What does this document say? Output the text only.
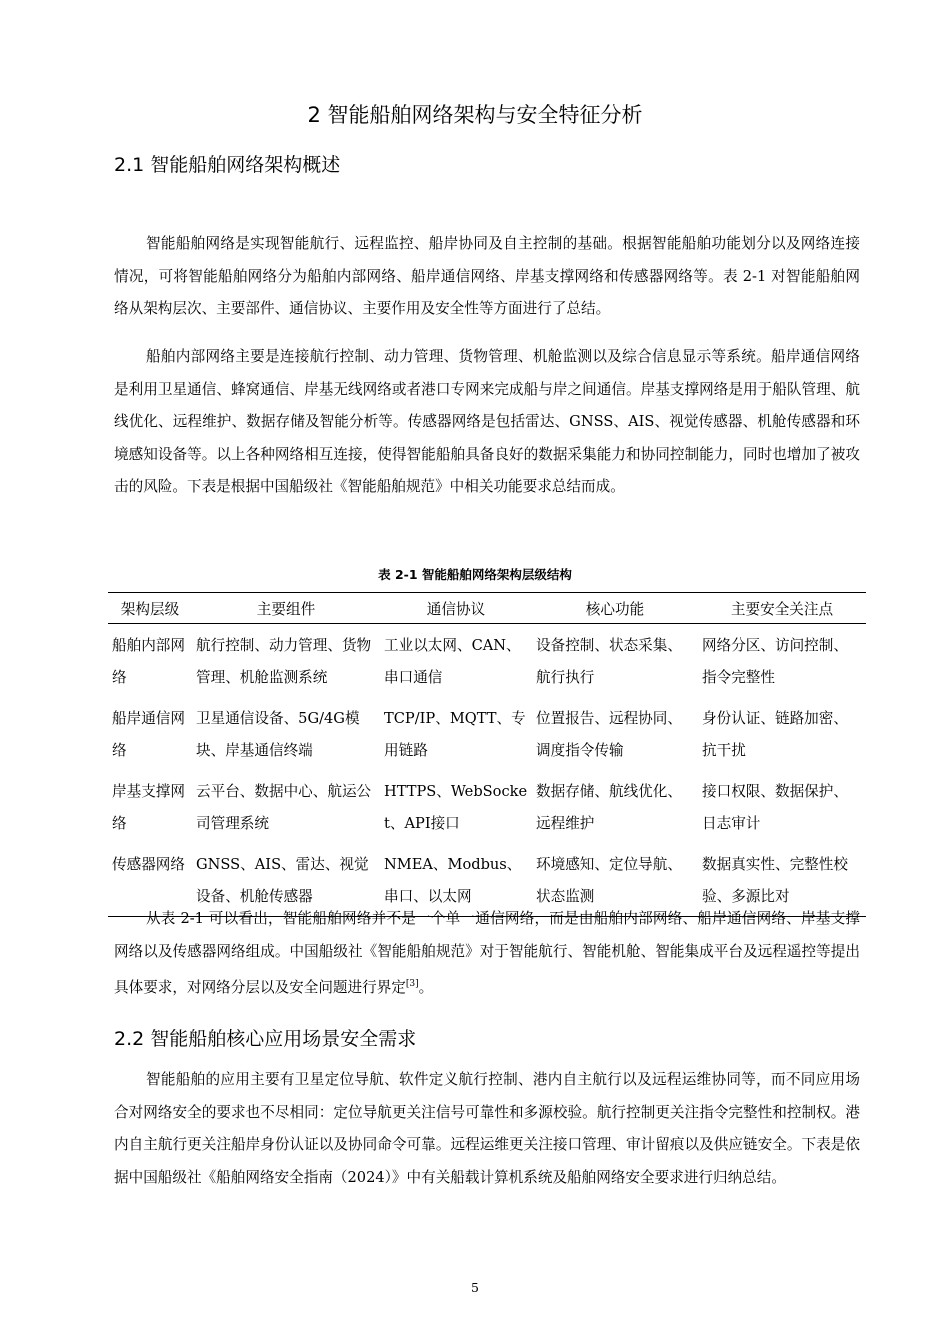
2 智能船舶网络架构与安全特征分析
2.1 智能船舶网络架构概述

智能船舶网络是实现智能航行、远程监控、船岸协同及自主控制的基础。根据智能船舶功能划分以及网络连接情况，可将智能船舶网络分为船舶内部网络、船岸通信网络、岸基支撑网络和传感器网络等。表 2-1 对智能船舶网络从架构层次、主要部件、通信协议、主要作用及安全性等方面进行了总结。

船舶内部网络主要是连接航行控制、动力管理、货物管理、机舱监测以及综合信息显示等系统。船岸通信网络是利用卫星通信、蜂窝通信、岸基无线网络或者港口专网来完成船与岸之间通信。岸基支撑网络是用于船队管理、航线优化、远程维护、数据存储及智能分析等。传感器网络是包括雷达、GNSS、AIS、视觉传感器、机舱传感器和环境感知设备等。以上各种网络相互连接，使得智能船舶具备良好的数据采集能力和协同控制能力，同时也增加了被攻击的风险。下表是根据中国船级社《智能船舶规范》中相关功能要求总结而成。

表 2-1 智能船舶网络架构层级结构
架构层级	主要组件	通信协议	核心功能	主要安全关注点
船舶内部网络	航行控制、动力管理、货物管理、机舱监测系统	工业以太网、CAN、串口通信	设备控制、状态采集、航行执行	网络分区、访问控制、指令完整性
船岸通信网络	卫星通信设备、5G/4G模块、岸基通信终端	TCP/IP、MQTT、专用链路	位置报告、远程协同、调度指令传输	身份认证、链路加密、抗干扰
岸基支撑网络	云平台、数据中心、航运公司管理系统	HTTPS、WebSocket、API接口	数据存储、航线优化、远程维护	接口权限、数据保护、日志审计
传感器网络	GNSS、AIS、雷达、视觉设备、机舱传感器	NMEA、Modbus、串口、以太网	环境感知、定位导航、状态监测	数据真实性、完整性校验、多源比对

从表 2-1 可以看出，智能船舶网络并不是一个单一通信网络，而是由船舶内部网络、船岸通信网络、岸基支撑网络以及传感器网络组成。中国船级社《智能船舶规范》对于智能航行、智能机舱、智能集成平台及远程遥控等提出具体要求，对网络分层以及安全问题进行界定[3]。

2.2 智能船舶核心应用场景安全需求

智能船舶的应用主要有卫星定位导航、软件定义航行控制、港内自主航行以及远程运维协同等，而不同应用场合对网络安全的要求也不尽相同：定位导航更关注信号可靠性和多源校验。航行控制更关注指令完整性和控制权。港内自主航行更关注船岸身份认证以及协同命令可靠。远程运维更关注接口管理、审计留痕以及供应链安全。下表是依据中国船级社《船舶网络安全指南（2024）》中有关船载计算机系统及船舶网络安全要求进行归纳总结。

5
